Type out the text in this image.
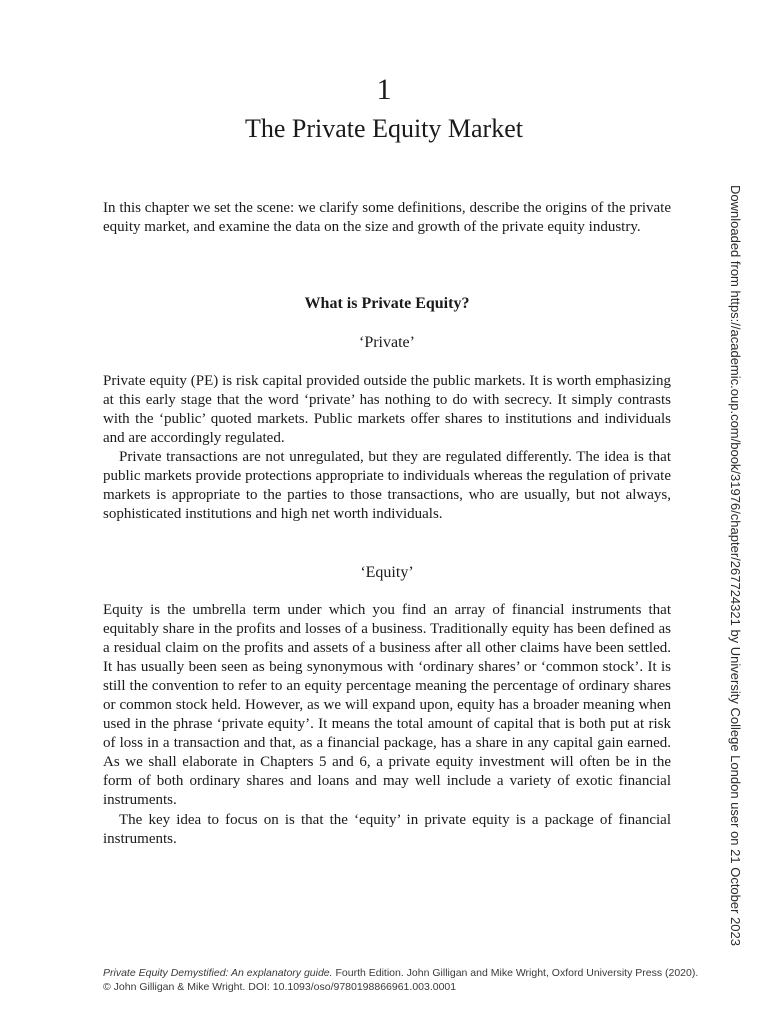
1
The Private Equity Market

In this chapter we set the scene: we clarify some definitions, describe the origins of the private equity market, and examine the data on the size and growth of the private equity industry.

What is Private Equity?
‘Private’

Private equity (PE) is risk capital provided outside the public markets. It is worth emphasizing at this early stage that the word ‘private’ has nothing to do with secrecy. It simply contrasts with the ‘public’ quoted markets. Public markets offer shares to institutions and individuals and are accordingly regulated.

Private transactions are not unregulated, but they are regulated differently. The idea is that public markets provide protections appropriate to individuals whereas the regulation of private markets is appropriate to the parties to those transactions, who are usually, but not always, sophisticated institutions and high net worth individuals.

‘Equity’

Equity is the umbrella term under which you find an array of financial instruments that equitably share in the profits and losses of a business. Traditionally equity has been defined as a residual claim on the profits and assets of a business after all other claims have been settled. It has usually been seen as being synonymous with ‘ordinary shares’ or ‘common stock’. It is still the convention to refer to an equity percentage meaning the percentage of ordinary shares or common stock held. However, as we will expand upon, equity has a broader meaning when used in the phrase ‘private equity’. It means the total amount of capital that is both put at risk of loss in a transaction and that, as a financial package, has a share in any capital gain earned. As we shall elaborate in Chapters 5 and 6, a private equity investment will often be in the form of both ordinary shares and loans and may well include a variety of exotic financial instruments.

The key idea to focus on is that the ‘equity’ in private equity is a package of financial instruments.	Downloaded from https://academic.oup.com/book/31976/chapter/267724321 by University College London user on 21 October 2023
Private Equity Demystified: An explanatory guide. Fourth Edition. John Gilligan and Mike Wright, Oxford University Press (2020).
© John Gilligan & Mike Wright. DOI: 10.1093/oso/9780198866961.003.0001
